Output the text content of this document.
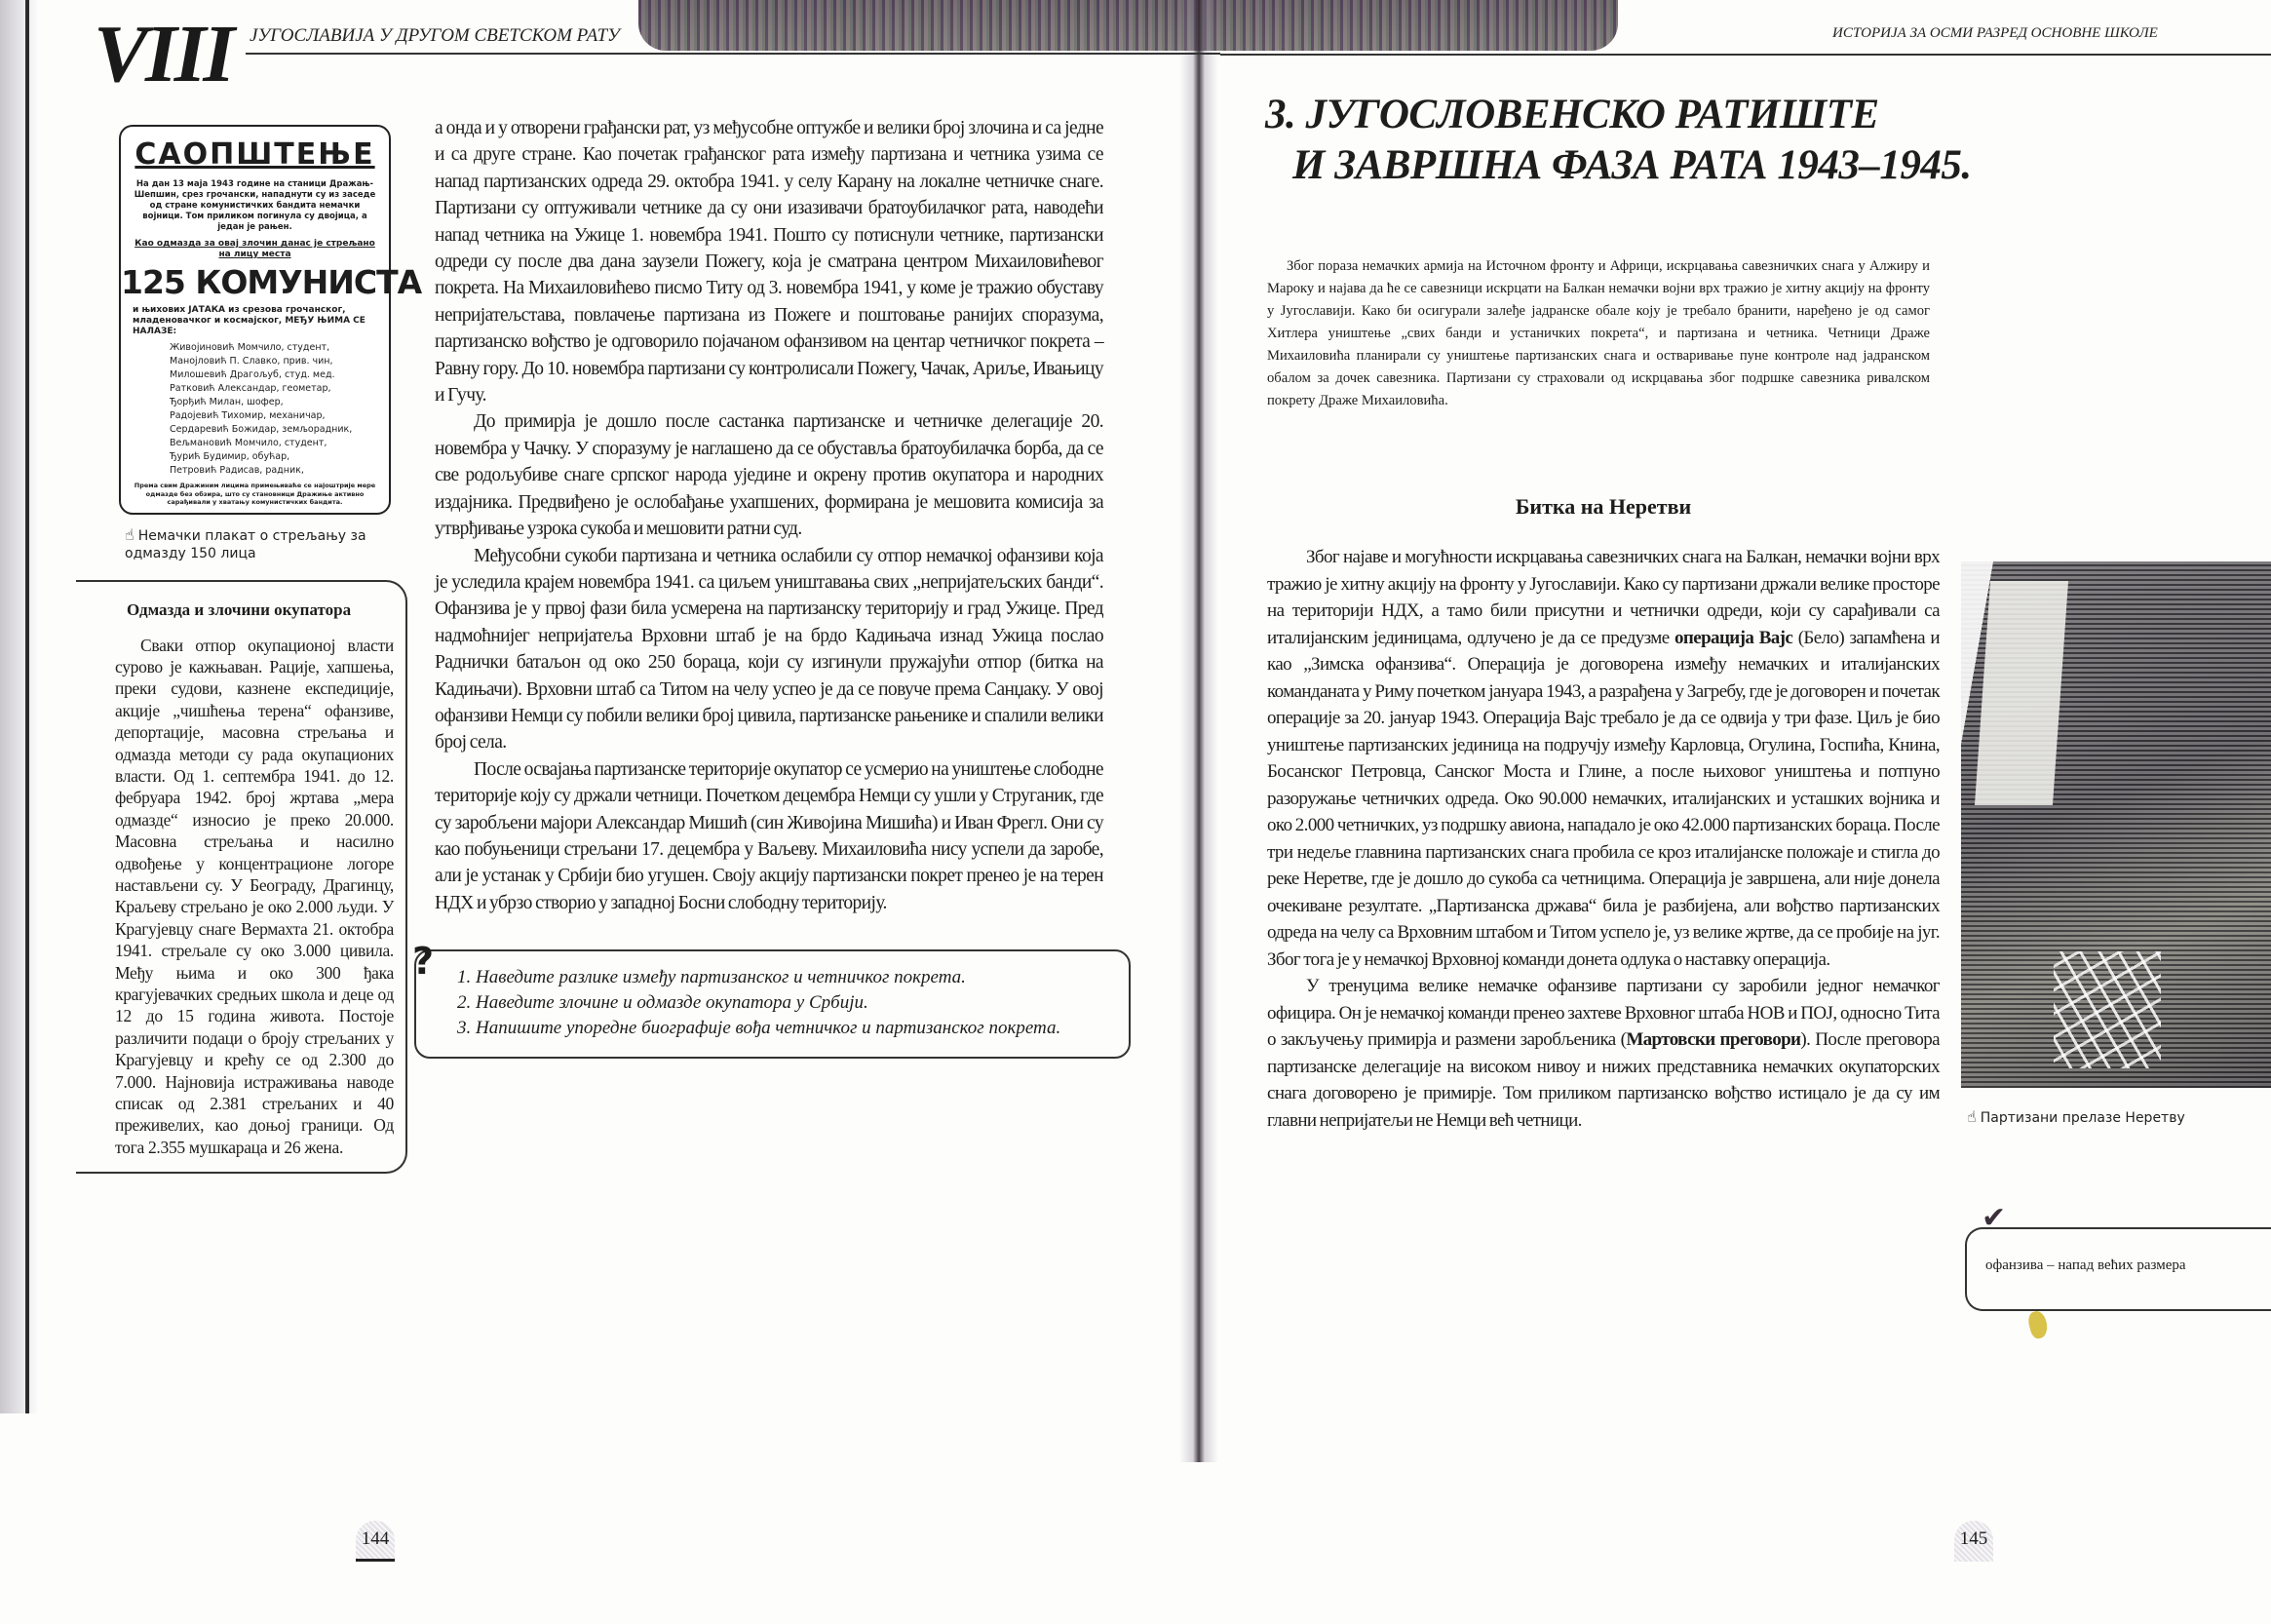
VIII ЈУГОСЛАВИЈА У ДРУГОМ СВЕТСКОМ РАТУ	ИСТОРИЈА ЗА ОСМИ РАЗРЕД ОСНОВНЕ ШКОЛЕ
САОПШТЕЊЕ
На дан 13 маја 1943 године на станици Дражањ-Шепшин, срез грочански, нападнути су из заседе од стране комунистичких бандита немачки војници. Том приликом погинула су двојица, а један је рањен.
Као одмазда за овај злочин данас је стрељано на лицу места
125 КОМУНИСТА
и њихових ЈАТАКА из срезова грочанског, младеновачког и космајског, МЕЂУ ЊИМА СЕ НАЛАЗЕ:
Живојиновић Момчило, студент,
Манојловић П. Славко, прив. чин,
Милошевић Драгољуб, студ. мед.
Ратковић Александар, геометар,
Ђорђић Милан, шофер,
Радојевић Тихомир, механичар,
Сердаревић Божидар, земљорадник,
Вељмановић Момчило, студент,
Ђурић Будимир, обућар,
Петровић Радисав, радник,
Према свим Дражиним лицима примењиваће се најоштрије мере одмазде без обзира, што су становници Дражиње активно сарађивали у хватању комунистичких бандита.
☝ Немачки плакат о стрељању за одмазду 150 лица
Одмазда и злочини окупатора

Сваки отпор окупационој власти сурово је кажњаван. Рације, хапшења, преки судови, казнене експедиције, акције „чишћења терена“ офанзиве, депортације, масовна стрељања и одмазда методи су рада окупационих власти. Од 1. септембра 1941. до 12. фебруара 1942. број жртава „мера одмазде“ износио је преко 20.000. Масовна стрељања и насилно одвођење у концентрационе логоре настављени су. У Београду, Драгинцу, Краљеву стрељано је око 2.000 људи. У Крагујевцу снаге Вермахта 21. октобра 1941. стрељале су око 3.000 цивила. Међу њима и око 300 ђака крагујевачких средњих школа и деце од 12 до 15 година живота. Постоје различити подаци о броју стрељаних у Крагујевцу и крећу се од 2.300 до 7.000. Најновија истраживања наводе списак од 2.381 стрељаних и 40 преживелих, као доњој граници. Од тога 2.355 мушкараца и 26 жена.

а онда и у отворени грађански рат, уз међусобне оптужбе и велики број злочина и са једне и са друге стране. Као почетак грађанског рата између партизана и четника узима се напад партизанских одреда 29. октобра 1941. у селу Карану на локалне четничке снаге. Партизани су оптуживали четнике да су они изазивачи братоубилачког рата, наводећи напад четника на Ужице 1. новембра 1941. Пошто су потиснули четнике, партизански одреди су после два дана заузели Пожегу, која је сматрана центром Михаиловићевог покрета. На Михаиловићево писмо Титу од 3. новембра 1941, у коме је тражио обуставу непријатељстава, повлачење партизана из Пожеге и поштовање ранијих споразума, партизанско вођство је одговорило појачаном офанзивом на центар четничког покрета – Равну гору. До 10. новембра партизани су контролисали Пожегу, Чачак, Ариље, Ивањицу и Гучу.

До примирја је дошло после састанка партизанске и четничке делегације 20. новембра у Чачку. У споразуму је наглашено да се обуставља братоубилачка борба, да се све родољубиве снаге српског народа уједине и окрену против окупатора и народних издајника. Предвиђено је ослобађање ухапшених, формирана је мешовита комисија за утврђивање узрока сукоба и мешовити ратни суд.

Међусобни сукоби партизана и четника ослабили су отпор немачкој офанзиви која је уследила крајем новембра 1941. са циљем уништавања свих „непријатељских банди“. Офанзива је у првој фази била усмерена на партизанску територију и град Ужице. Пред надмоћнијег непријатеља Врховни штаб је на брдо Кадињача изнад Ужица послао Раднички батаљон од око 250 бораца, који су изгинули пружајући отпор (битка на Кадињачи). Врховни штаб са Титом на челу успео је да се повуче према Санџаку. У овој офанзиви Немци су побили велики број цивила, партизанске рањенике и спалили велики број села.

После освајања партизанске територије окупатор се усмерио на уништење слободне територије коју су држали четници. Почетком децембра Немци су ушли у Струганик, где су заробљени мајори Александар Мишић (син Живојина Мишића) и Иван Фрегл. Они су као побуњеници стрељани 17. децембра у Ваљеву. Михаиловића нису успели да заробе, али је устанак у Србији био угушен. Своју акцију партизански покрет пренео је на терен НДХ и убрзо створио у западној Босни слободну територију.

? 1. Наведите разлике између партизанског и четничког покрета.
2. Наведите злочине и одмазде окупатора у Србији.
3. Напишите упоредне биографије вођа четничког и партизанског покрета.
144
3. ЈУГОСЛОВЕНСКО РАТИШТЕ
И ЗАВРШНА ФАЗА РАТА 1943–1945.

Због пораза немачких армија на Источном фронту и Африци, искрцавања савезничких снага у Алжиру и Мароку и најава да ће се савезници искрцати на Балкан немачки војни врх тражио је хитну акцију на фронту у Југославији. Како би осигурали залеђе јадранске обале коју је требало бранити, наређено је од самог Хитлера уништење „свих банди и устаничких покрета“, и партизана и четника. Четници Драже Михаиловића планирали су уништење партизанских снага и остваривање пуне контроле над јадранском обалом за дочек савезника. Партизани су страховали од искрцавања због подршке савезника ривалском покрету Драже Михаиловића.

Битка на Неретви

Због најаве и могућности искрцавања савезничких снага на Балкан, немачки војни врх тражио је хитну акцију на фронту у Југославији. Како су партизани држали велике просторе на територији НДХ, а тамо били присутни и четнички одреди, који су сарађивали са италијанским јединицама, одлучено је да се предузме операција Вајс (Бело) запамћена и као „Зимска офанзива“. Операција је договорена између немачких и италијанских команданата у Риму почетком јануара 1943, а разрађена у Загребу, где је договорен и почетак операције за 20. јануар 1943. Операција Вајс требало је да се одвија у три фазе. Циљ је био уништење партизанских јединица на подручју између Карловца, Огулина, Госпића, Книна, Босанског Петровца, Санског Моста и Глине, а после њиховог уништења и потпуно разоружање четничких одреда. Око 90.000 немачких, италијанских и усташких војника и око 2.000 четничких, уз подршку авиона, нападало је око 42.000 партизанских бораца. После три недеље главнина партизанских снага пробила се кроз италијанске положаје и стигла до реке Неретве, где је дошло до сукоба са четницима. Операција је завршена, али није донела очекиване резултате. „Партизанска држава“ била је разбијена, али вођство партизанских одреда на челу са Врховним штабом и Титом успело је, уз велике жртве, да се пробије на југ. Због тога је у немачкој Врховној команди донета одлука о наставку операција.

У тренуцима велике немачке офанзиве партизани су заробили једног немачког официра. Он је немачкој команди пренео захтеве Врховног штаба НОВ и ПОЈ, односно Тита о закључењу примирја и размени заробљеника (Мартовски преговори). После преговора партизанске делегације на високом нивоу и нижих представника немачких окупаторских снага договорено је примирје. Том приликом партизанско вођство истицало је да су им главни непријатељи не Немци већ четници.	☝ Партизани прелазе Неретву
✔
офанзива – напад већих размера
145
